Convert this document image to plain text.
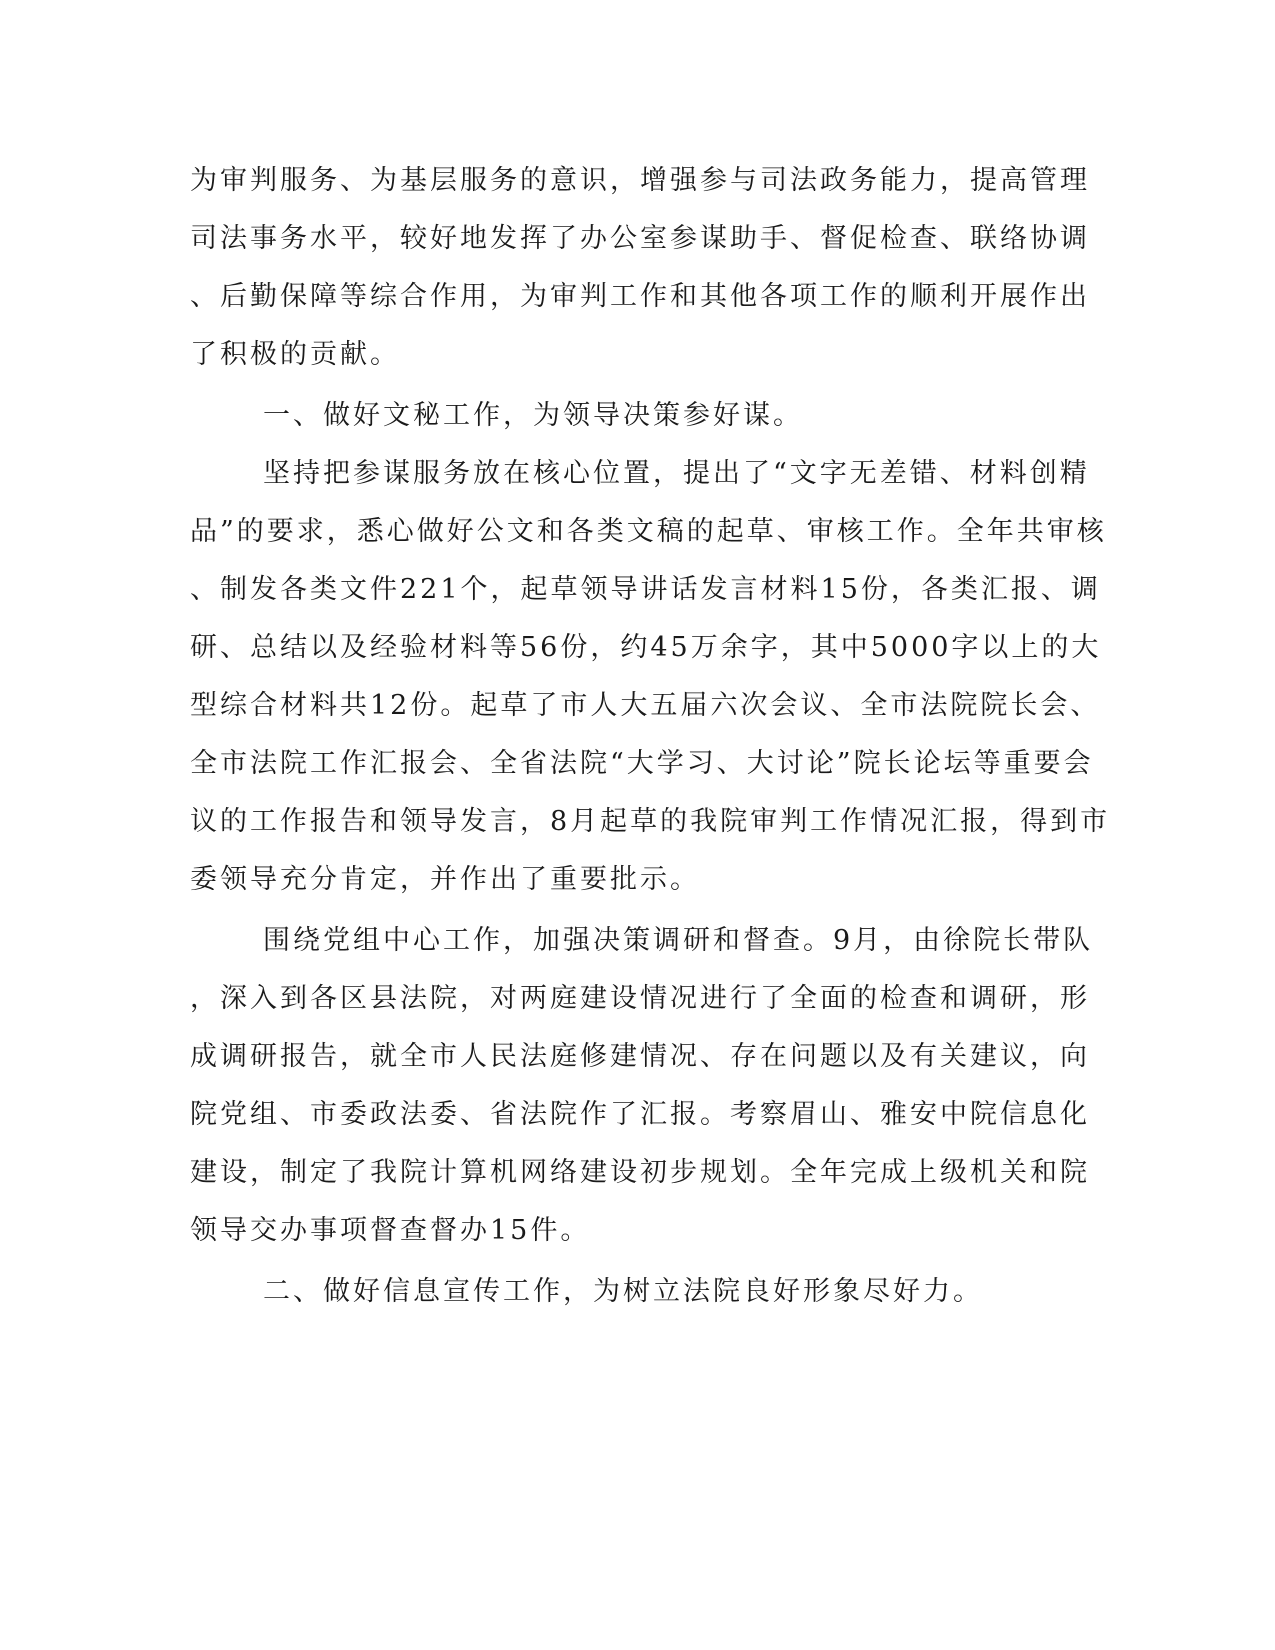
为审判服务、为基层服务的意识，增强参与司法政务能力，提高管理
司法事务水平，较好地发挥了办公室参谋助手、督促检查、联络协调
、后勤保障等综合作用，为审判工作和其他各项工作的顺利开展作出
了积极的贡献。
一、做好文秘工作，为领导决策参好谋。
坚持把参谋服务放在核心位置，提出了“文字无差错、材料创精
品”的要求，悉心做好公文和各类文稿的起草、审核工作。全年共审核
、制发各类文件221个，起草领导讲话发言材料15份，各类汇报、调
研、总结以及经验材料等56份，约45万余字，其中5000字以上的大
型综合材料共12份。起草了市人大五届六次会议、全市法院院长会、
全市法院工作汇报会、全省法院“大学习、大讨论”院长论坛等重要会
议的工作报告和领导发言，8月起草的我院审判工作情况汇报，得到市
委领导充分肯定，并作出了重要批示。
围绕党组中心工作，加强决策调研和督查。9月，由徐院长带队
，深入到各区县法院，对两庭建设情况进行了全面的检查和调研，形
成调研报告，就全市人民法庭修建情况、存在问题以及有关建议，向
院党组、市委政法委、省法院作了汇报。考察眉山、雅安中院信息化
建设，制定了我院计算机网络建设初步规划。全年完成上级机关和院
领导交办事项督查督办15件。
二、做好信息宣传工作，为树立法院良好形象尽好力。
